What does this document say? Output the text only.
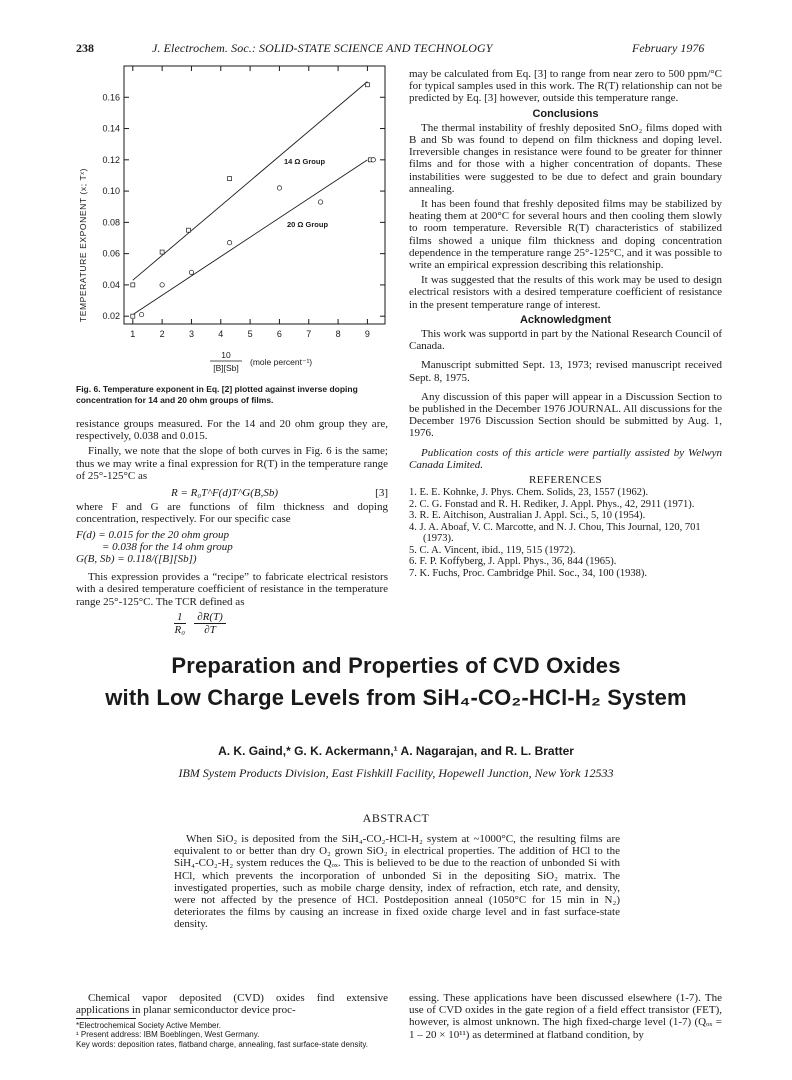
238	J. Electrochem. Soc.: SOLID-STATE SCIENCE AND TECHNOLOGY	February 1976
1	2	3	4	5	6	7	8	9
0.02
0.04
0.06
0.08
0.10
0.12
0.14
0.16
TEMPERATURE EXPONENT (x; Tˣ)
14 Ω Group
20 Ω Group
10
[B][Sb]
(mole percent⁻¹)
Fig. 6. Temperature exponent in Eq. [2] plotted against inverse doping concentration for 14 and 20 ohm groups of films.

resistance groups measured. For the 14 and 20 ohm group they are, respectively, 0.038 and 0.015.

Finally, we note that the slope of both curves in Fig. 6 is the same; thus we may write a final expression for R(T) in the temperature range of 25°-125°C as

R = R₀T^F(d)T^G(B,Sb)	[3]

where F and G are functions of film thickness and doping concentration, respectively. For our specific case

F(d) = 0.015 for the 20 ohm group
= 0.038 for the 14 ohm group
G(B, Sb) = 0.118/([B][Sb])

This expression provides a “recipe” to fabricate electrical resistors with a desired temperature coefficient of resistance in the temperature range 25°-125°C. The TCR defined as

$\frac{1}{\text{R₀}}$
$\frac{\partial R(T)}{\partial T}$

may be calculated from Eq. [3] to range from near zero to 500 ppm/°C for typical samples used in this work. The R(T) relationship can not be predicted by Eq. [3] however, outside this temperature range.

Conclusions

The thermal instability of freshly deposited SnO₂ films doped with B and Sb was found to depend on film thickness and doping level. Irreversible changes in resistance were found to be greater for thinner films and for those with a higher concentration of dopants. These instabilities were suggested to be due to defect and grain boundary annealing.

It has been found that freshly deposited films may be stabilized by heating them at 200°C for several hours and then cooling them slowly to room temperature. Reversible R(T) characteristics of stabilized films showed a unique film thickness and doping concentration dependence in the temperature range 25°-125°C, and it was possible to write an empirical expression describing this relationship.

It was suggested that the results of this work may be used to design electrical resistors with a desired temperature coefficient of resistance in the present temperature range of interest.

Acknowledgment

This work was supportd in part by the National Research Council of Canada.

Manuscript submitted Sept. 13, 1973; revised manuscript received Sept. 8, 1975.

Any discussion of this paper will appear in a Discussion Section to be published in the December 1976 JOURNAL. All discussions for the December 1976 Discussion Section should be submitted by Aug. 1, 1976.

Publication costs of this article were partially assisted by Welwyn Canada Limited.

REFERENCES
1. E. E. Kohnke, J. Phys. Chem. Solids, 23, 1557 (1962).
2. C. G. Fonstad and R. H. Rediker, J. Appl. Phys., 42, 2911 (1971).
3. R. E. Aitchison, Australian J. Appl. Sci., 5, 10 (1954).
4. J. A. Aboaf, V. C. Marcotte, and N. J. Chou, This Journal, 120, 701 (1973).
5. C. A. Vincent, ibid., 119, 515 (1972).
6. F. P. Koffyberg, J. Appl. Phys., 36, 844 (1965).
7. K. Fuchs, Proc. Cambridge Phil. Soc., 34, 100 (1938).
Preparation and Properties of CVD Oxides
with Low Charge Levels from SiH₄-CO₂-HCl-H₂ System
A. K. Gaind,* G. K. Ackermann,¹ A. Nagarajan, and R. L. Bratter
IBM System Products Division, East Fishkill Facility, Hopewell Junction, New York 12533
ABSTRACT
When SiO₂ is deposited from the SiH₄-CO₂-HCl-H₂ system at ~1000°C, the resulting films are equivalent to or better than dry O₂ grown SiO₂ in electrical properties. The addition of HCl to the SiH₄-CO₂-H₂ system reduces the Qₒₓ. This is believed to be due to the reaction of unbonded Si with HCl, which prevents the incorporation of unbonded Si in the depositing SiO₂ matrix. The investigated properties, such as mobile charge density, index of refraction, etch rate, and density, were not affected by the presence of HCl. Postdeposition anneal (1050°C for 15 min in N₂) deteriorates the films by causing an increase in fixed oxide charge level and in fast surface-state density.
Chemical vapor deposited (CVD) oxides find extensive applications in planar semiconductor device proc-
*Electrochemical Society Active Member.
¹ Present address: IBM Boeblingen, West Germany.
Key words: deposition rates, flatband charge, annealing, fast surface-state density.
essing. These applications have been discussed elsewhere (1-7). The use of CVD oxides in the gate region of a field effect transistor (FET), however, is almost unknown. The high fixed-charge level (1-7) (Qₒₓ = 1 – 20 × 10¹¹) as determined at flatband condition, by
